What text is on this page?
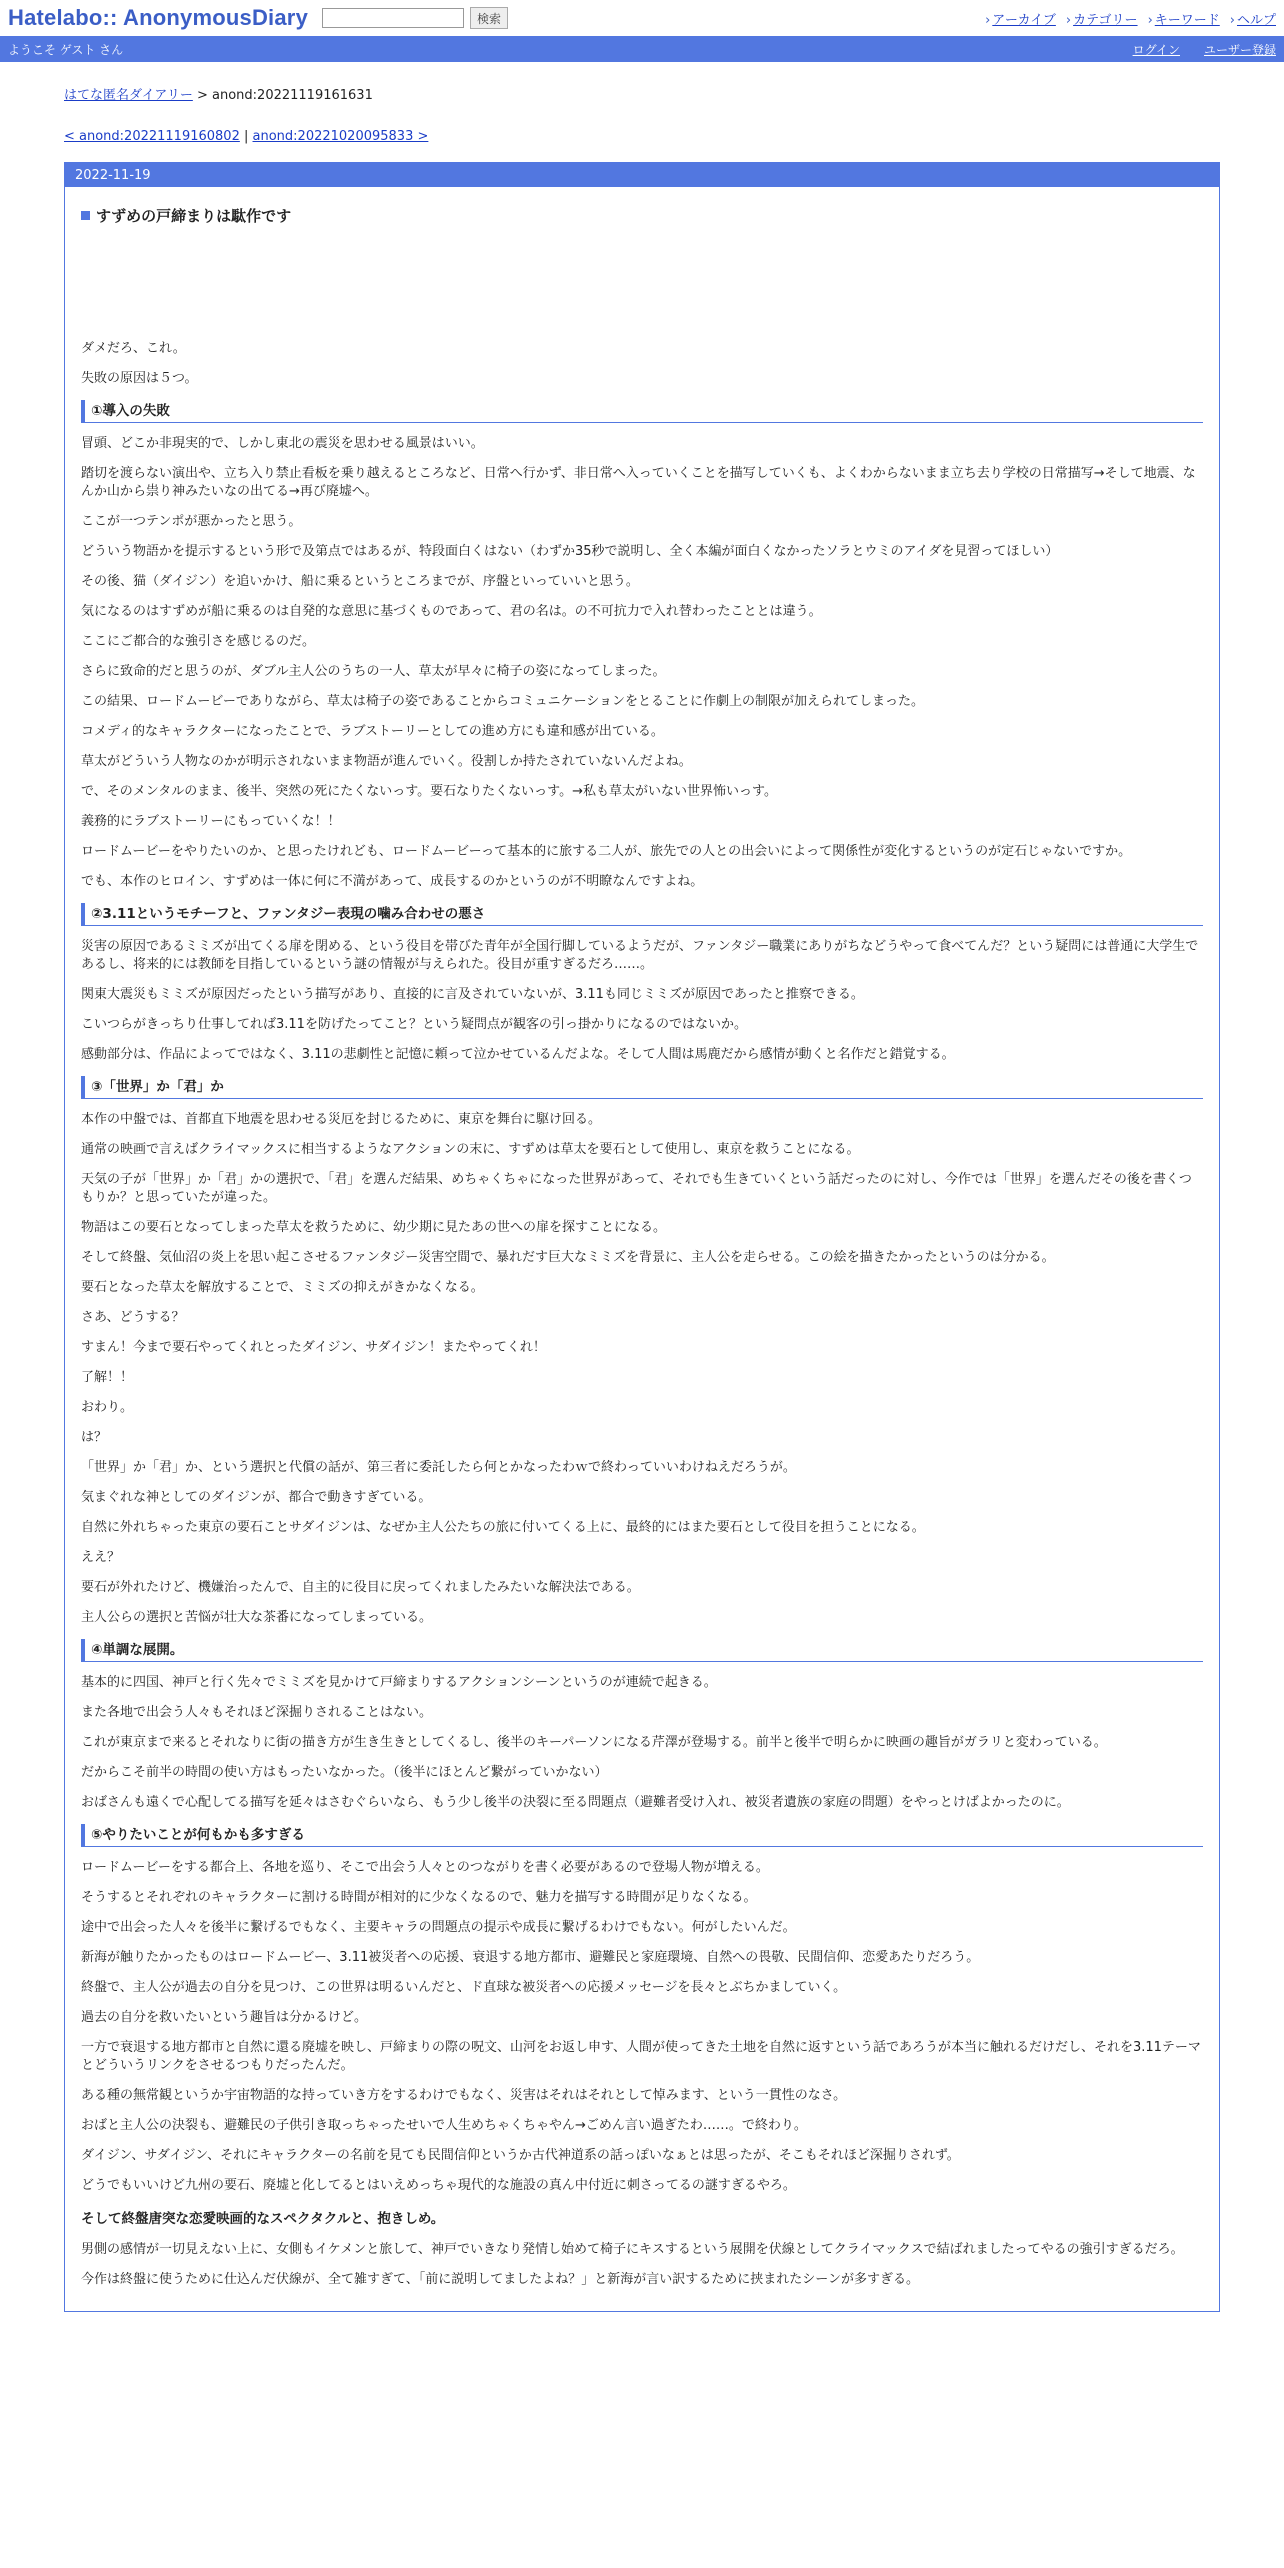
Hatelabo:: AnonymousDiary	検索	› アーカイブ › カテゴリー › キーワード › ヘルプ
ようこそ ゲスト さん	ログイン ユーザー登録
はてな匿名ダイアリー > anond:20221119161631
< anond:20221119160802 | anond:20221020095833 >
2022-11-19
すずめの戸締まりは駄作です

ダメだろ、これ。

失敗の原因は５つ。

①導入の失敗

冒頭、どこか非現実的で、しかし東北の震災を思わせる風景はいい。

踏切を渡らない演出や、立ち入り禁止看板を乗り越えるところなど、日常へ行かず、非日常へ入っていくことを描写していくも、よくわからないまま立ち去り学校の日常描写→そして地震、なんか山から祟り神みたいなの出てる→再び廃墟へ。

ここが一つテンポが悪かったと思う。

どういう物語かを提示するという形で及第点ではあるが、特段面白くはない（わずか35秒で説明し、全く本編が面白くなかったソラとウミのアイダを見習ってほしい）

その後、猫（ダイジン）を追いかけ、船に乗るというところまでが、序盤といっていいと思う。

気になるのはすずめが船に乗るのは自発的な意思に基づくものであって、君の名は。の不可抗力で入れ替わったこととは違う。

ここにご都合的な強引さを感じるのだ。

さらに致命的だと思うのが、ダブル主人公のうちの一人、草太が早々に椅子の姿になってしまった。

この結果、ロードムービーでありながら、草太は椅子の姿であることからコミュニケーションをとることに作劇上の制限が加えられてしまった。

コメディ的なキャラクターになったことで、ラブストーリーとしての進め方にも違和感が出ている。

草太がどういう人物なのかが明示されないまま物語が進んでいく。役割しか持たされていないんだよね。

で、そのメンタルのまま、後半、突然の死にたくないっす。要石なりたくないっす。→私も草太がいない世界怖いっす。

義務的にラブストーリーにもっていくな！！

ロードムービーをやりたいのか、と思ったけれども、ロードムービーって基本的に旅する二人が、旅先での人との出会いによって関係性が変化するというのが定石じゃないですか。

でも、本作のヒロイン、すずめは一体に何に不満があって、成長するのかというのが不明瞭なんですよね。

②3.11というモチーフと、ファンタジー表現の噛み合わせの悪さ

災害の原因であるミミズが出てくる扉を閉める、という役目を帯びた青年が全国行脚しているようだが、ファンタジー職業にありがちなどうやって食べてんだ？という疑問には普通に大学生であるし、将来的には教師を目指しているという謎の情報が与えられた。役目が重すぎるだろ……。

関東大震災もミミズが原因だったという描写があり、直接的に言及されていないが、3.11も同じミミズが原因であったと推察できる。

こいつらがきっちり仕事してれば3.11を防げたってこと？という疑問点が観客の引っ掛かりになるのではないか。

感動部分は、作品によってではなく、3.11の悲劇性と記憶に頼って泣かせているんだよな。そして人間は馬鹿だから感情が動くと名作だと錯覚する。

③「世界」か「君」か

本作の中盤では、首都直下地震を思わせる災厄を封じるために、東京を舞台に駆け回る。

通常の映画で言えばクライマックスに相当するようなアクションの末に、すずめは草太を要石として使用し、東京を救うことになる。

天気の子が「世界」か「君」かの選択で、「君」を選んだ結果、めちゃくちゃになった世界があって、それでも生きていくという話だったのに対し、今作では「世界」を選んだその後を書くつもりか？と思っていたが違った。

物語はこの要石となってしまった草太を救うために、幼少期に見たあの世への扉を探すことになる。

そして終盤、気仙沼の炎上を思い起こさせるファンタジー災害空間で、暴れだす巨大なミミズを背景に、主人公を走らせる。この絵を描きたかったというのは分かる。

要石となった草太を解放することで、ミミズの抑えがきかなくなる。

さあ、どうする？

すまん！今まで要石やってくれとったダイジン、サダイジン！またやってくれ！

了解！！

おわり。

は？

「世界」か「君」か、という選択と代償の話が、第三者に委託したら何とかなったわｗで終わっていいわけねえだろうが。

気まぐれな神としてのダイジンが、都合で動きすぎている。

自然に外れちゃった東京の要石ことサダイジンは、なぜか主人公たちの旅に付いてくる上に、最終的にはまた要石として役目を担うことになる。

ええ？

要石が外れたけど、機嫌治ったんで、自主的に役目に戻ってくれましたみたいな解決法である。

主人公らの選択と苦悩が壮大な茶番になってしまっている。

④単調な展開。

基本的に四国、神戸と行く先々でミミズを見かけて戸締まりするアクションシーンというのが連続で起きる。

また各地で出会う人々もそれほど深掘りされることはない。

これが東京まで来るとそれなりに街の描き方が生き生きとしてくるし、後半のキーパーソンになる芹澤が登場する。前半と後半で明らかに映画の趣旨がガラリと変わっている。

だからこそ前半の時間の使い方はもったいなかった。（後半にほとんど繋がっていかない）

おばさんも遠くで心配してる描写を延々はさむぐらいなら、もう少し後半の決裂に至る問題点（避難者受け入れ、被災者遺族の家庭の問題）をやっとけばよかったのに。

⑤やりたいことが何もかも多すぎる

ロードムービーをする都合上、各地を巡り、そこで出会う人々とのつながりを書く必要があるので登場人物が増える。

そうするとそれぞれのキャラクターに割ける時間が相対的に少なくなるので、魅力を描写する時間が足りなくなる。

途中で出会った人々を後半に繋げるでもなく、主要キャラの問題点の提示や成長に繋げるわけでもない。何がしたいんだ。

新海が触りたかったものはロードムービー、3.11被災者への応援、衰退する地方都市、避難民と家庭環境、自然への畏敬、民間信仰、恋愛あたりだろう。

終盤で、主人公が過去の自分を見つけ、この世界は明るいんだと、ド直球な被災者への応援メッセージを長々とぶちかましていく。

過去の自分を救いたいという趣旨は分かるけど。

一方で衰退する地方都市と自然に還る廃墟を映し、戸締まりの際の呪文、山河をお返し申す、人間が使ってきた土地を自然に返すという話であろうが本当に触れるだけだし、それを3.11テーマとどういうリンクをさせるつもりだったんだ。

ある種の無常観というか宇宙物語的な持っていき方をするわけでもなく、災害はそれはそれとして悼みます、という一貫性のなさ。

おばと主人公の決裂も、避難民の子供引き取っちゃったせいで人生めちゃくちゃやん→ごめん言い過ぎたわ……。で終わり。

ダイジン、サダイジン、それにキャラクターの名前を見ても民間信仰というか古代神道系の話っぽいなぁとは思ったが、そこもそれほど深掘りされず。

どうでもいいけど九州の要石、廃墟と化してるとはいえめっちゃ現代的な施設の真ん中付近に刺さってるの謎すぎるやろ。

そして終盤唐突な恋愛映画的なスペクタクルと、抱きしめ。

男側の感情が一切見えない上に、女側もイケメンと旅して、神戸でいきなり発情し始めて椅子にキスするという展開を伏線としてクライマックスで結ばれましたってやるの強引すぎるだろ。

今作は終盤に使うために仕込んだ伏線が、全て雑すぎて、「前に説明してましたよね？」と新海が言い訳するために挟まれたシーンが多すぎる。
